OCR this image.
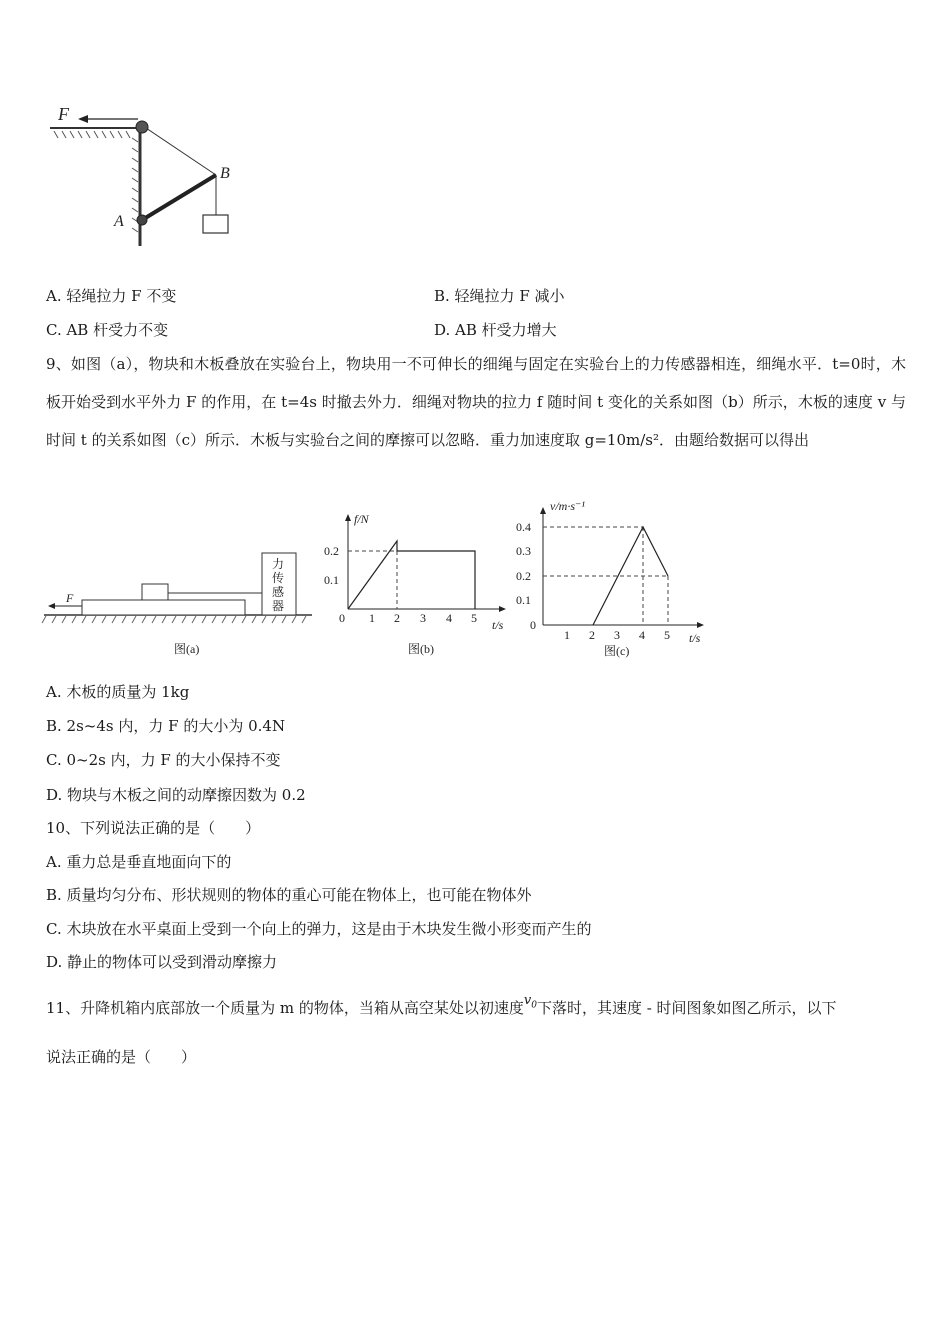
F
B
A
A. 轻绳拉力 F 不变	B. 轻绳拉力 F 减小
C. AB 杆受力不变	D. AB 杆受力增大
9、如图（a），物块和木板叠放在实验台上，物块用一不可伸长的细绳与固定在实验台上的力传感器相连，细绳水平．t=0时，木板开始受到水平外力 F 的作用，在 t=4s 时撤去外力．细绳对物块的拉力 f 随时间 t 变化的关系如图（b）所示，木板的速度 v 与时间 t 的关系如图（c）所示．木板与实验台之间的摩擦可以忽略．重力加速度取 g=10m/s²．由题给数据可以得出
力
传
感
器
F
图(a)
f/N
t/s
0.2
0.1
0 1 2 3 4 5
图(b)
v/m·s⁻¹
t/s
0.4
0.3
0.2
0.1
0
1 2 3 4 5
图(c)
A. 木板的质量为 1kg
B. 2s~4s 内，力 F 的大小为 0.4N
C. 0~2s 内，力 F 的大小保持不变
D. 物块与木板之间的动摩擦因数为 0.2
10、下列说法正确的是（　　）
A. 重力总是垂直地面向下的
B. 质量均匀分布、形状规则的物体的重心可能在物体上，也可能在物体外
C. 木块放在水平桌面上受到一个向上的弹力，这是由于木块发生微小形变而产生的
D. 静止的物体可以受到滑动摩擦力
11、升降机箱内底部放一个质量为 m 的物体，当箱从高空某处以初速度$v_0$下落时，其速度 - 时间图象如图乙所示，以下
说法正确的是（　　）
